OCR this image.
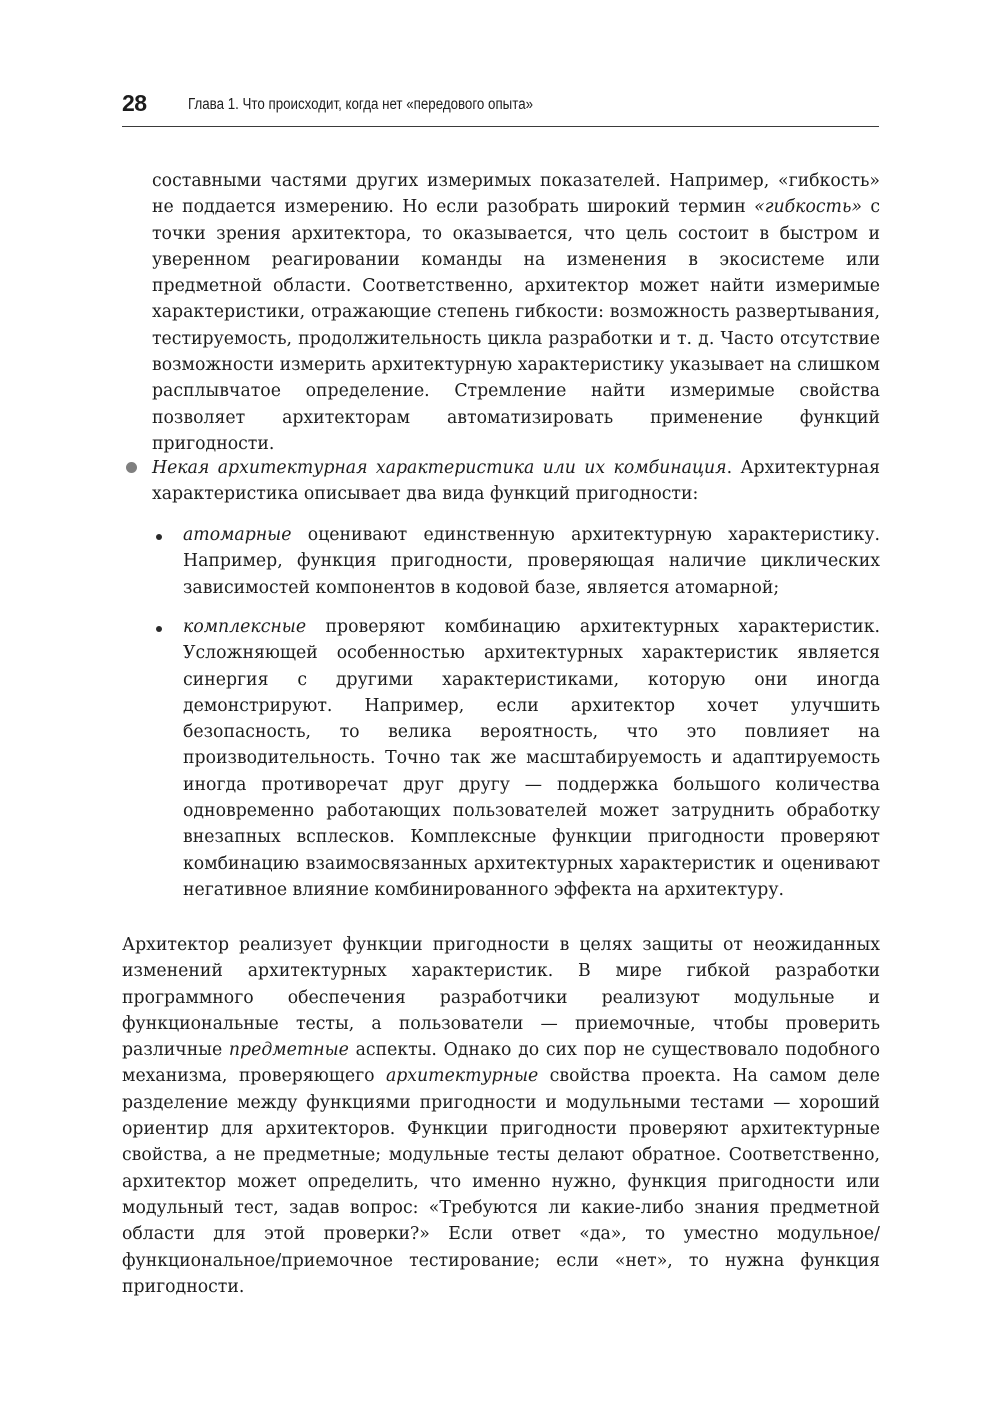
28	Глава 1. Что происходит, когда нет «передового опыта»

составными частями других измеримых показателей. Например, «гибкость» не поддается измерению. Но если разобрать широкий термин «гибкость» с точки зрения архитектора, то оказывается, что цель состоит в быстром и уверенном реагировании команды на изменения в экосистеме или предметной области. Соответственно, архитектор может найти измеримые характеристики, отражающие степень гибкости: возможность развертывания, тестируемость, продолжительность цикла разработки и т. д. Часто отсутствие возможности измерить архитектурную характеристику указывает на слишком расплывчатое определение. Стремление найти измеримые свойства позволяет архитекторам автоматизировать применение функций пригодности.

Некая архитектурная характеристика или их комбинация. Архитектурная характеристика описывает два вида функций пригодности:

атомарные оценивают единственную архитектурную характеристику. Например, функция пригодности, проверяющая наличие циклических зависимостей компонентов в кодовой базе, является атомарной;

комплексные проверяют комбинацию архитектурных характеристик. Усложняющей особенностью архитектурных характеристик является синергия с другими характеристиками, которую они иногда демонстрируют. Например, если архитектор хочет улучшить безопасность, то велика вероятность, что это повлияет на производительность. Точно так же масштабируемость и адаптируемость иногда противоречат друг другу — поддержка большого количества одновременно работающих пользователей может затруднить обработку внезапных всплесков. Комплексные функции пригодности проверяют комбинацию взаимосвязанных архитектурных характеристик и оценивают негативное влияние комбинированного эффекта на архитектуру.

Архитектор реализует функции пригодности в целях защиты от неожиданных изменений архитектурных характеристик. В мире гибкой разработки программного обеспечения разработчики реализуют модульные и функциональные тесты, а пользователи — приемочные, чтобы проверить различные предметные аспекты. Однако до сих пор не существовало подобного механизма, проверяющего архитектурные свойства проекта. На самом деле разделение между функциями пригодности и модульными тестами — хороший ориентир для архитекторов. Функции пригодности проверяют архитектурные свойства, а не предметные; модульные тесты делают обратное. Соответственно, архитектор может определить, что именно нужно, функция пригодности или модульный тест, задав вопрос: «Требуются ли какие-либо знания предметной области для этой проверки?» Если ответ «да», то уместно модульное/функциональное/приемочное тестирование; если «нет», то нужна функция пригодности.
